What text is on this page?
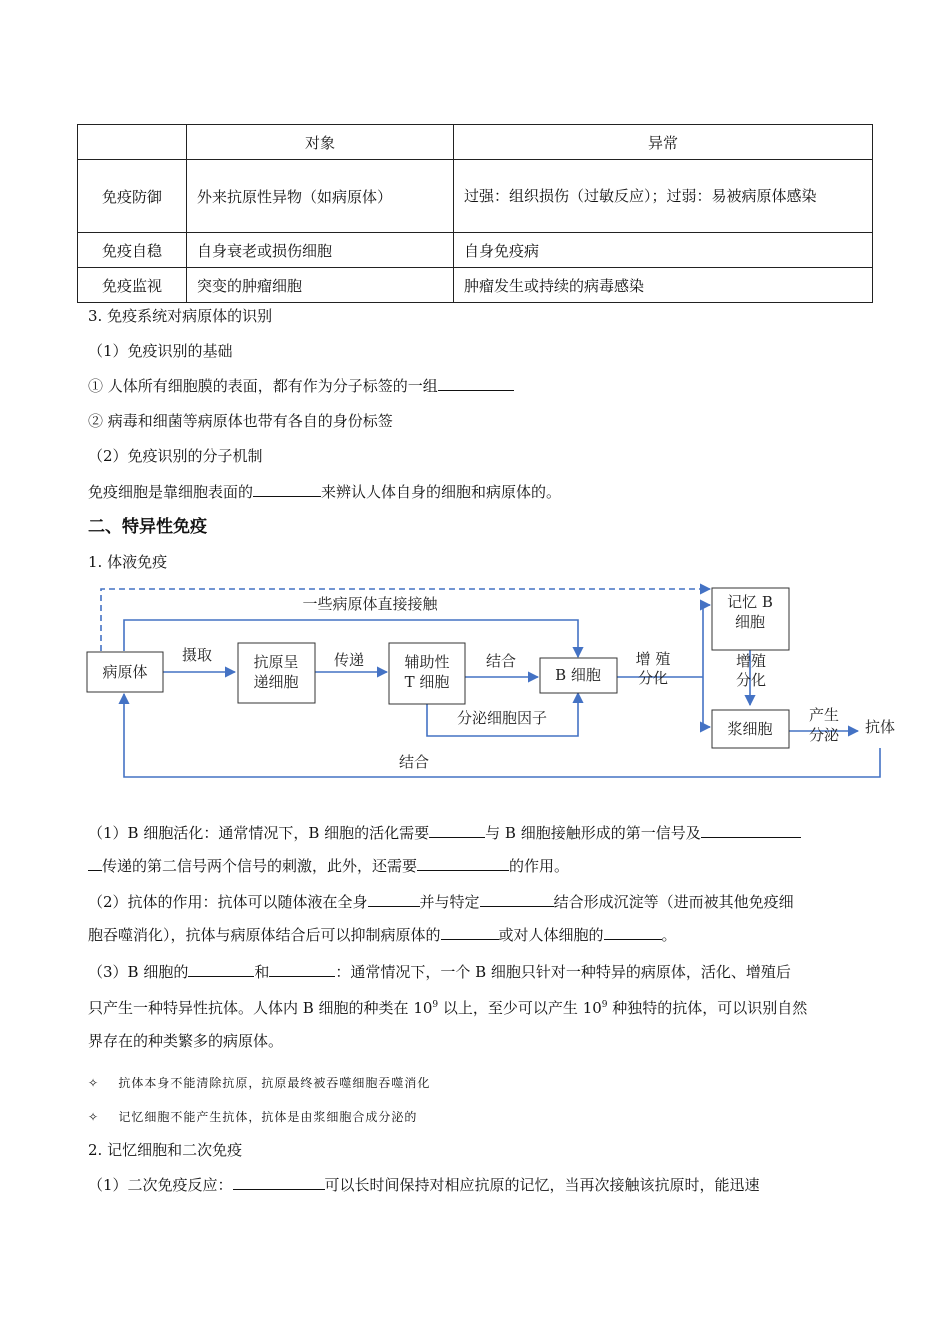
	对象	异常
免疫防御	外来抗原性异物（如病原体）	过强：组织损伤（过敏反应）；过弱：易被病原体感染
免疫自稳	自身衰老或损伤细胞	自身免疫病
免疫监视	突变的肿瘤细胞	肿瘤发生或持续的病毒感染
3. 免疫系统对病原体的识别
（1）免疫识别的基础
① 人体所有细胞膜的表面，都有作为分子标签的一组
② 病毒和细菌等病原体也带有各自的身份标签
（2）免疫识别的分子机制
免疫细胞是靠细胞表面的	来辨认人体自身的细胞和病原体的。
二、特异性免疫
1. 体液免疫
病原体
抗原呈
递细胞
辅助性
T 细胞	B 细胞
记忆 B
细胞
浆细胞	抗体
一些病原体直接接触
摄取	传递	结合
分泌细胞因子
增 殖
分化
增殖
分化
产生
分泌
结合
（1）B 细胞活化：通常情况下，B 细胞的活化需要	与 B 细胞接触形成的第一信号及
传递的第二信号两个信号的刺激，此外，还需要	的作用。
（2）抗体的作用：抗体可以随体液在全身	并与特定	结合形成沉淀等（进而被其他免疫细
胞吞噬消化），抗体与病原体结合后可以抑制病原体的	或对人体细胞的	。
（3）B 细胞的	和	：通常情况下，一个 B 细胞只针对一种特异的病原体，活化、增殖后
只产生一种特异性抗体。人体内 B 细胞的种类在 $10^9$ 以上，至少可以产生 $10^9$ 种独特的抗体，可以识别自然
界存在的种类繁多的病原体。
✧ 抗体本身不能清除抗原，抗原最终被吞噬细胞吞噬消化
✧ 记忆细胞不能产生抗体，抗体是由浆细胞合成分泌的
2. 记忆细胞和二次免疫
（1）二次免疫反应：	可以长时间保持对相应抗原的记忆，当再次接触该抗原时，能迅速
